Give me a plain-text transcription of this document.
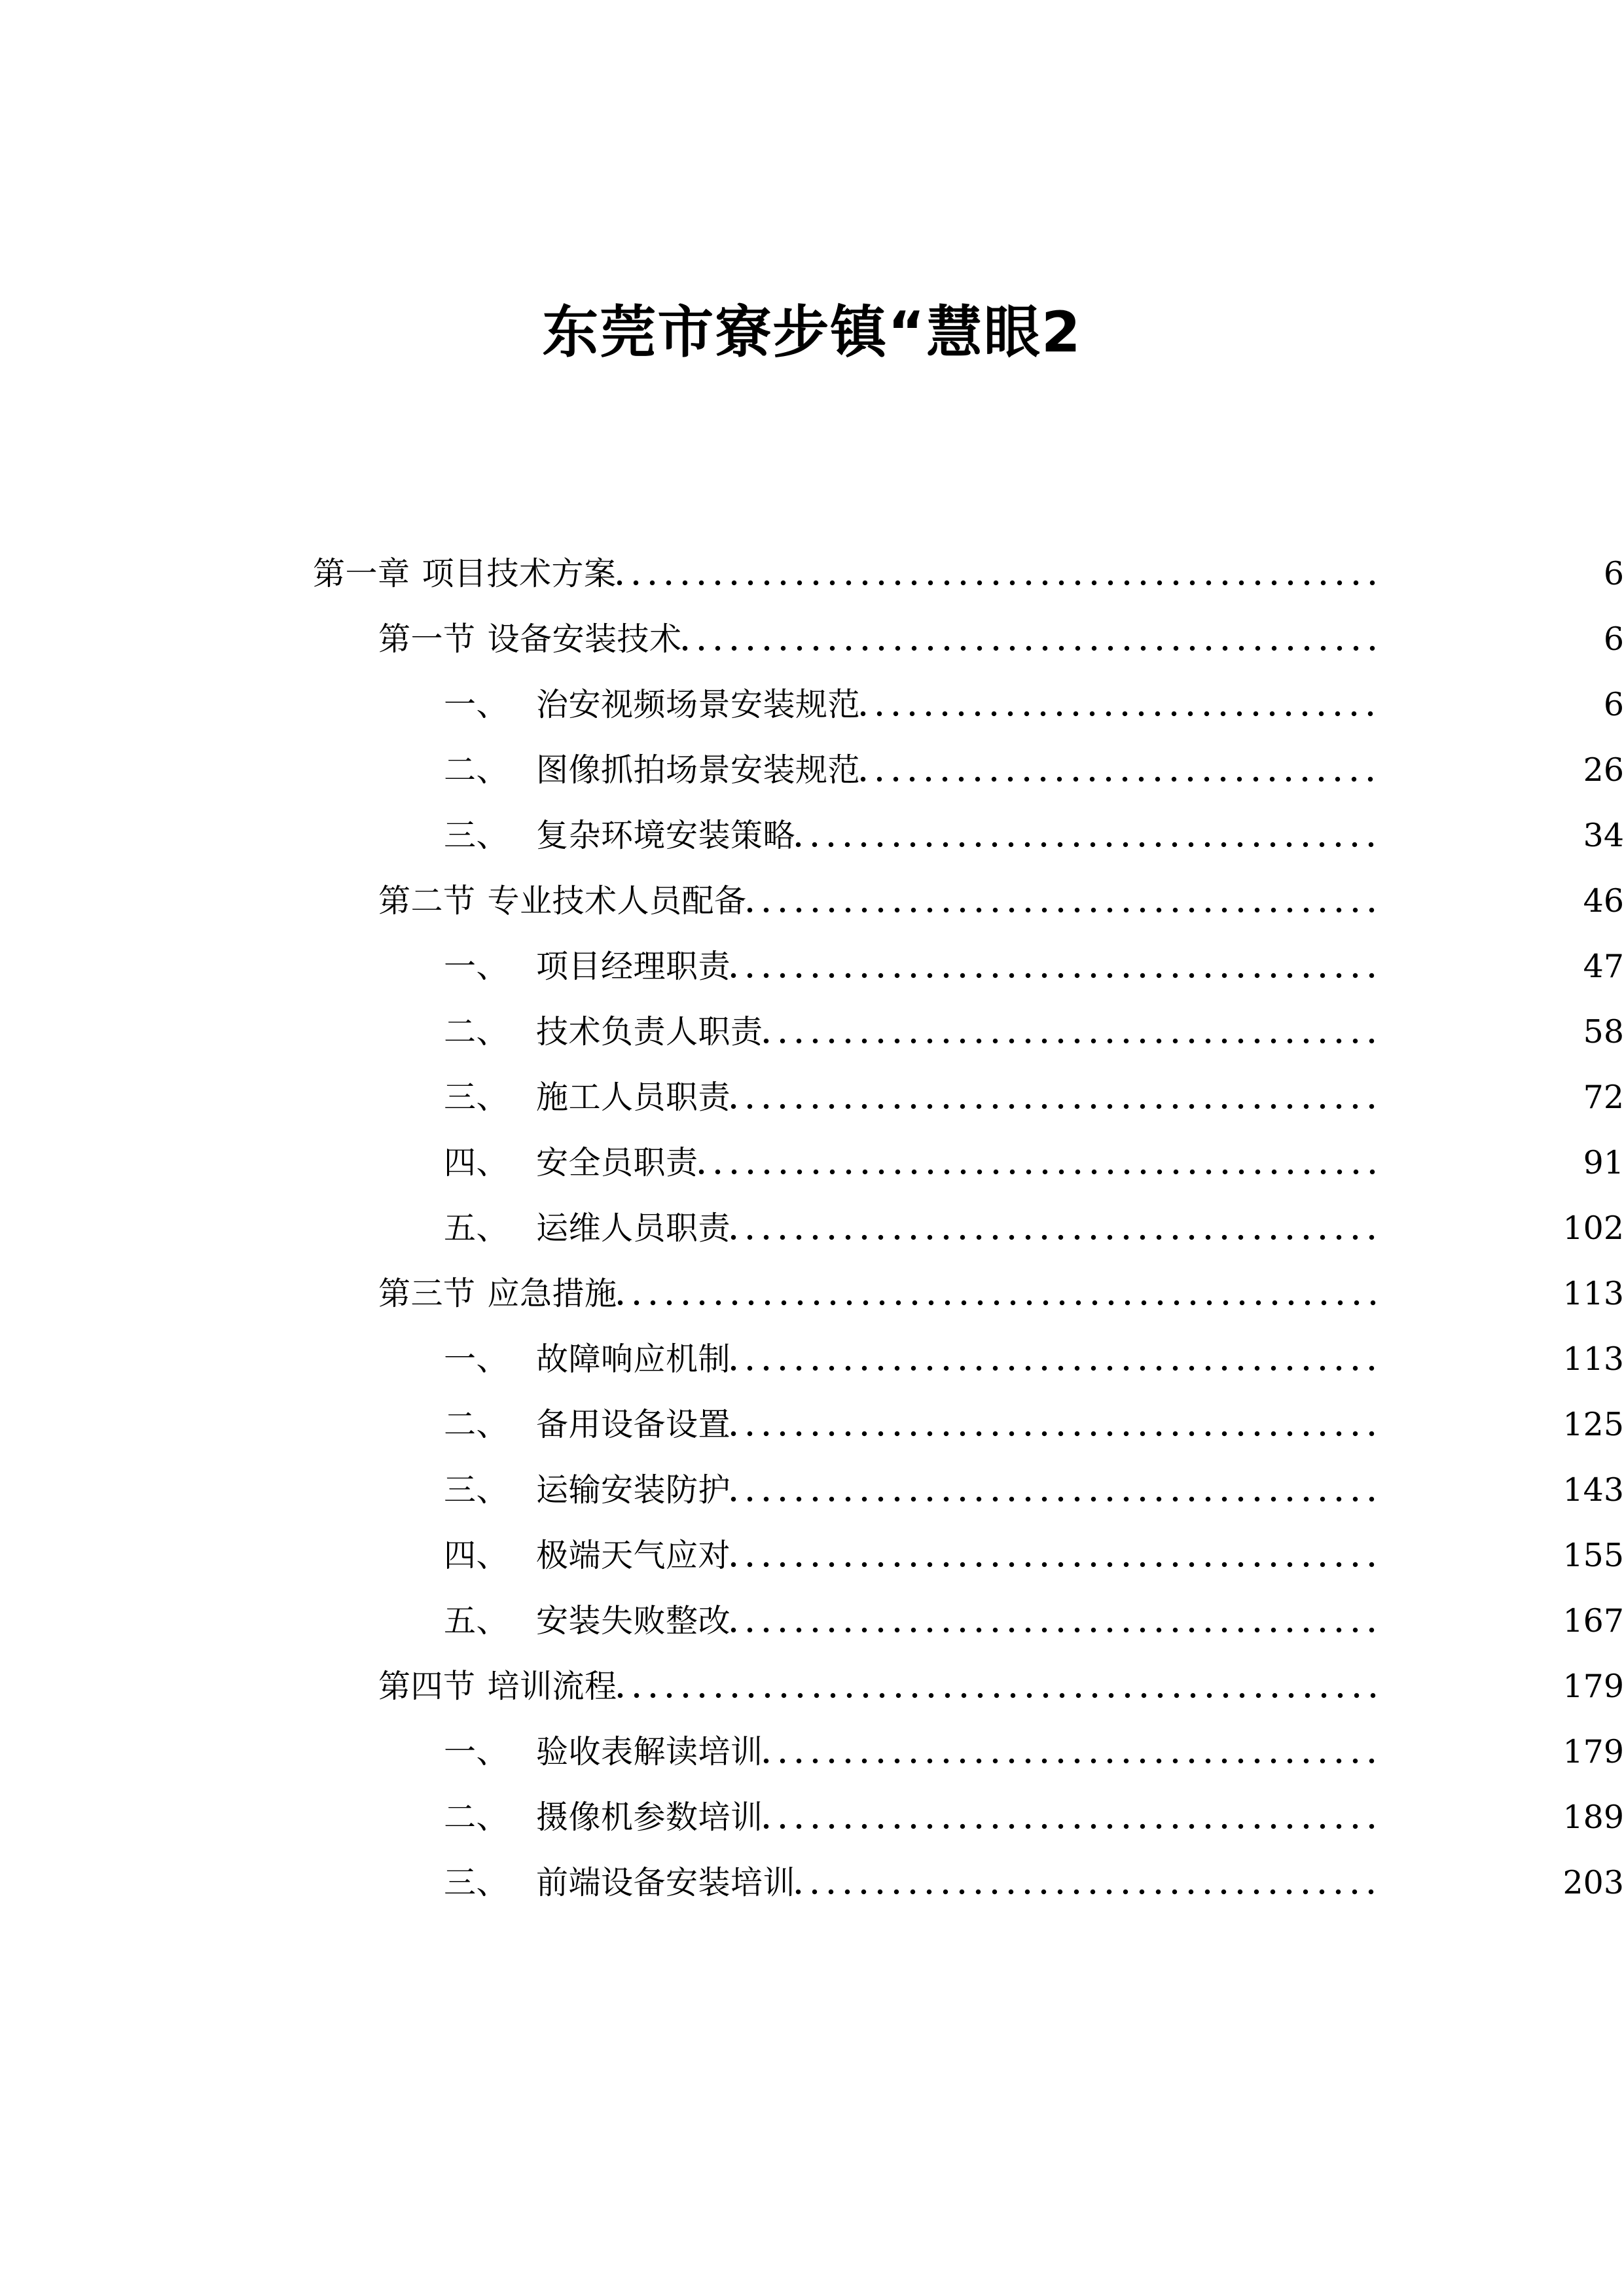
东莞市寮步镇“慧眼2
第一章 项目技术方案	6
第一节 设备安装技术	6
一、 治安视频场景安装规范	6
二、 图像抓拍场景安装规范	26
三、 复杂环境安装策略	34
第二节 专业技术人员配备	46
一、 项目经理职责	47
二、 技术负责人职责	58
三、 施工人员职责	72
四、 安全员职责	91
五、 运维人员职责	102
第三节 应急措施	113
一、 故障响应机制	113
二、 备用设备设置	125
三、 运输安装防护	143
四、 极端天气应对	155
五、 安装失败整改	167
第四节 培训流程	179
一、 验收表解读培训	179
二、 摄像机参数培训	189
三、 前端设备安装培训	203
